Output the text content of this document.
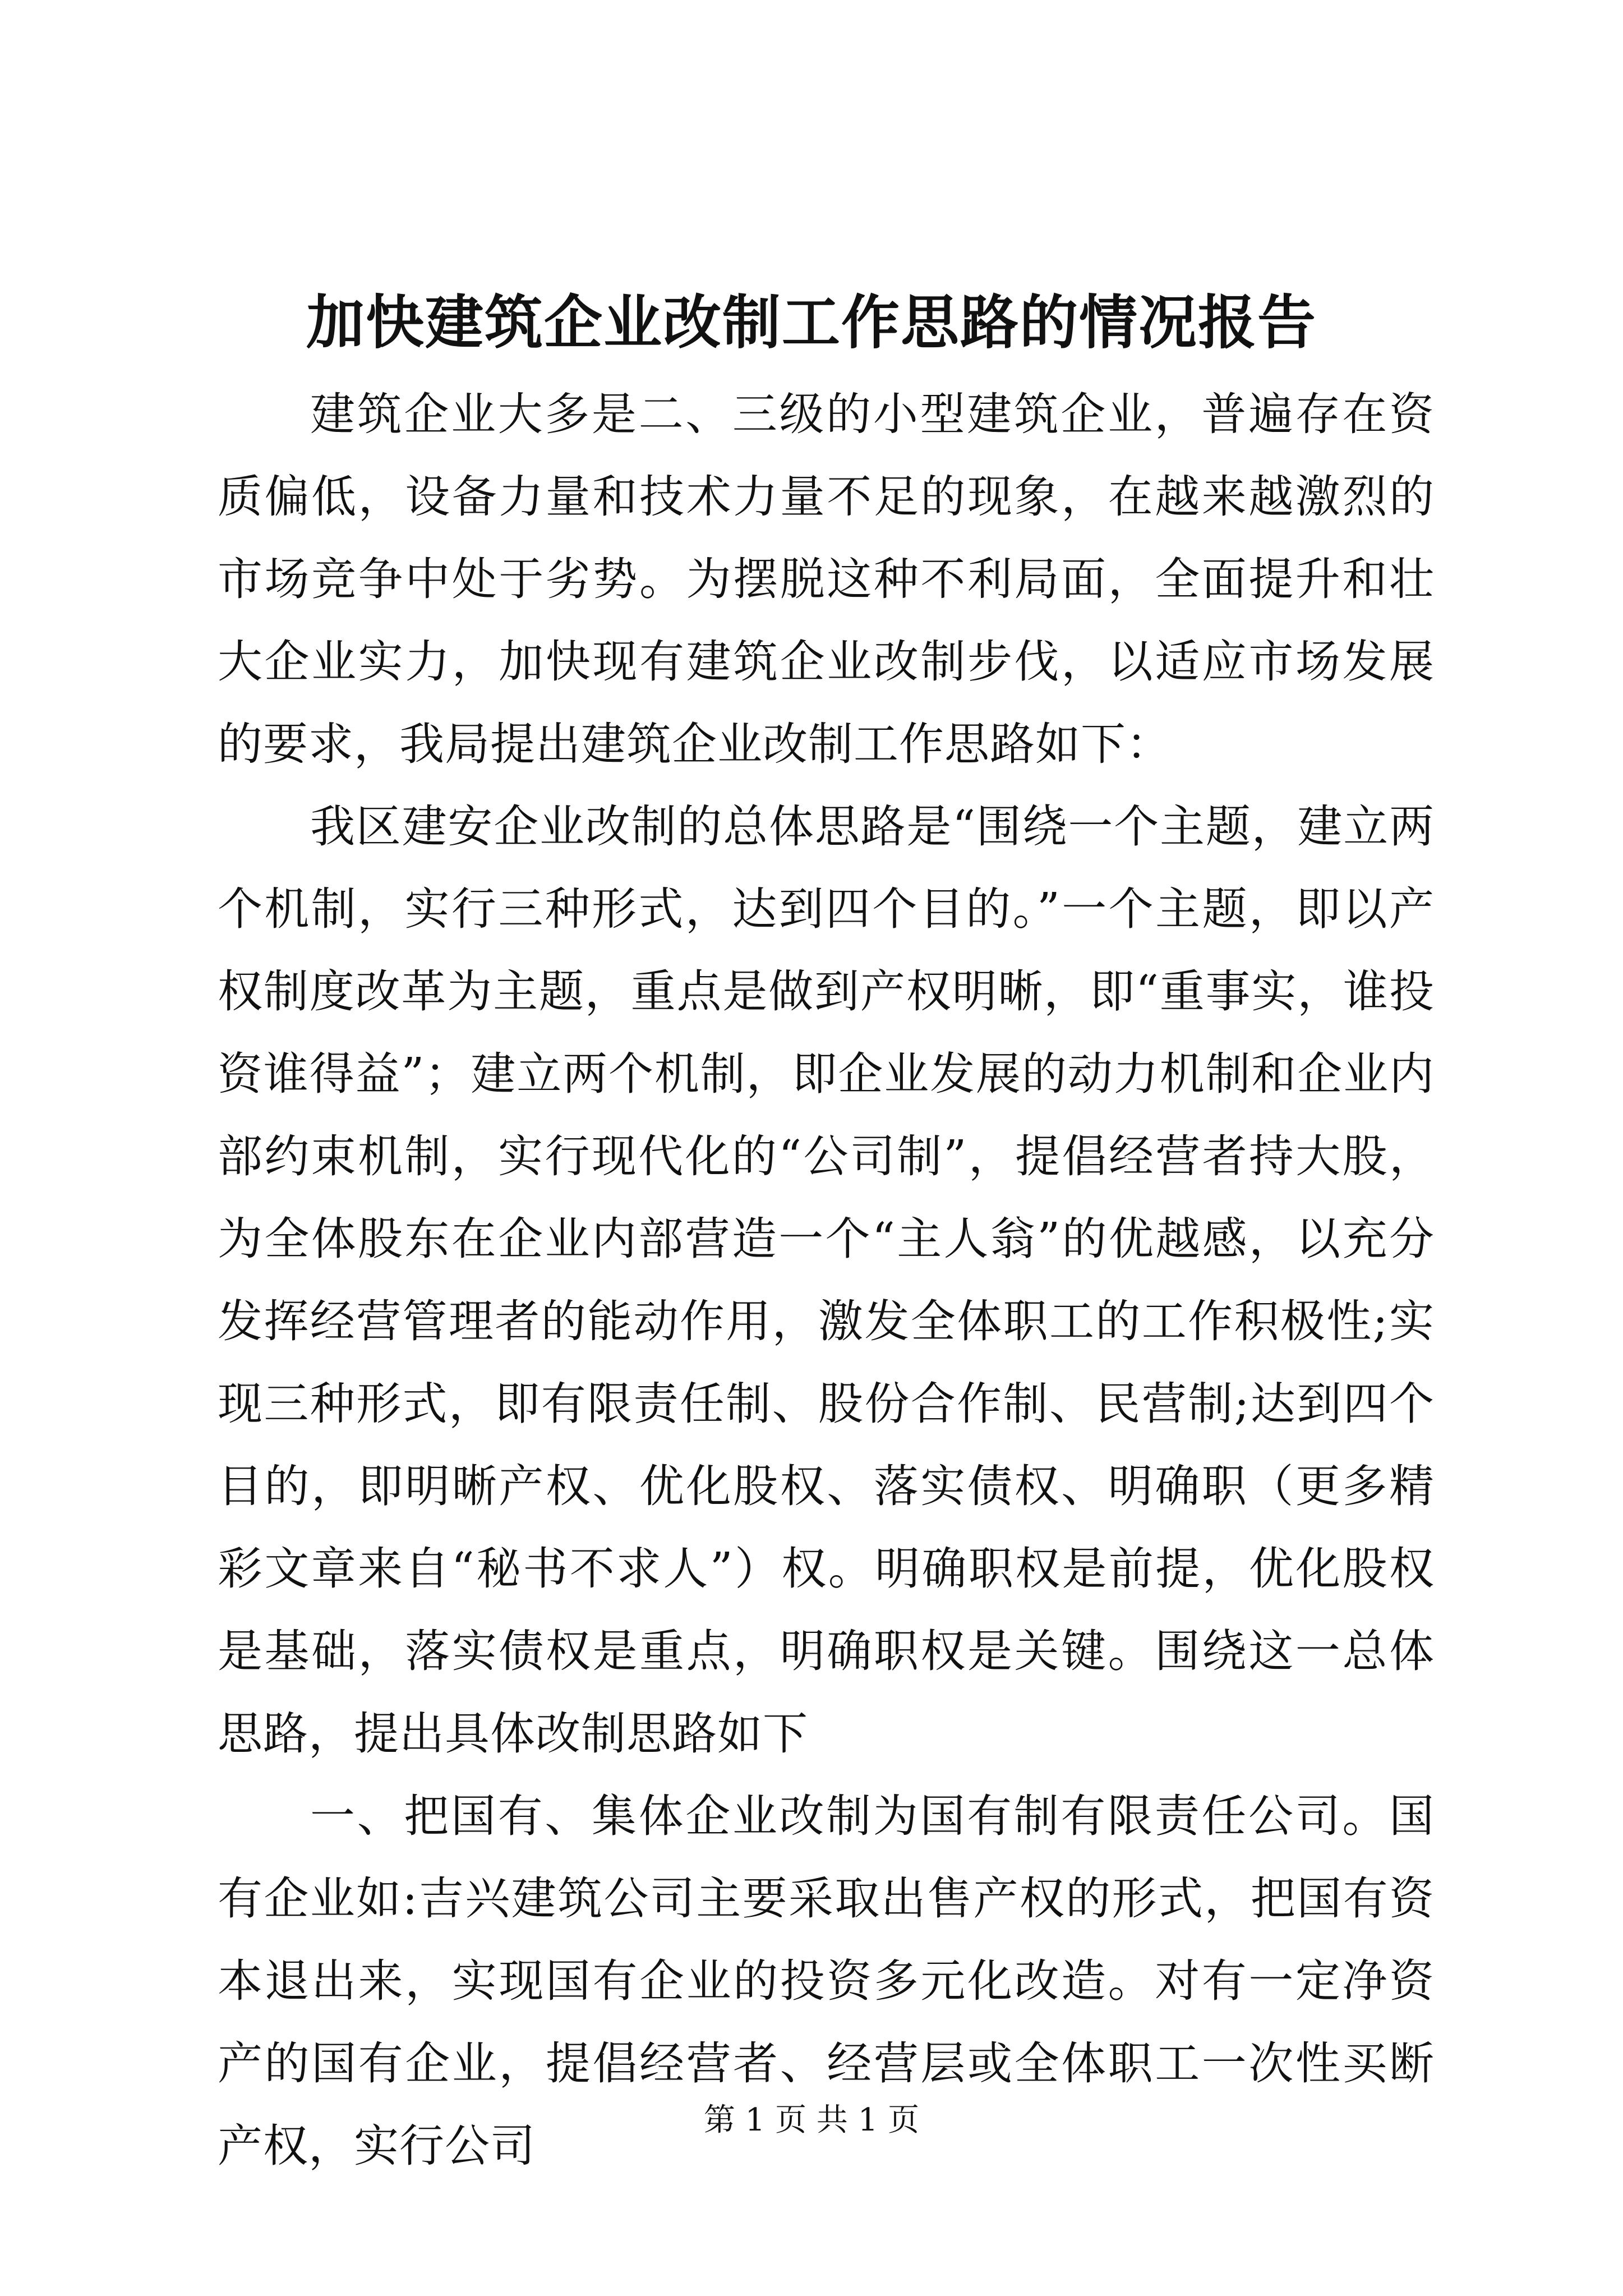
加快建筑企业改制工作思路的情况报告

建筑企业大多是二、三级的小型建筑企业，普遍存在资质偏低，设备力量和技术力量不足的现象，在越来越激烈的市场竞争中处于劣势。为摆脱这种不利局面，全面提升和壮大企业实力，加快现有建筑企业改制步伐，以适应市场发展的要求，我局提出建筑企业改制工作思路如下：

我区建安企业改制的总体思路是“围绕一个主题，建立两个机制，实行三种形式，达到四个目的。”一个主题，即以产权制度改革为主题，重点是做到产权明晰，即“重事实，谁投资谁得益”；建立两个机制，即企业发展的动力机制和企业内部约束机制，实行现代化的“公司制”，提倡经营者持大股，为全体股东在企业内部营造一个“主人翁”的优越感，以充分发挥经营管理者的能动作用，激发全体职工的工作积极性;实现三种形式，即有限责任制、股份合作制、民营制;达到四个目的，即明晰产权、优化股权、落实债权、明确职（更多精彩文章来自“秘书不求人”）权。明确职权是前提，优化股权是基础，落实债权是重点，明确职权是关键。围绕这一总体思路，提出具体改制思路如下

一、把国有、集体企业改制为国有制有限责任公司。国有企业如:吉兴建筑公司主要采取出售产权的形式，把国有资本退出来，实现国有企业的投资多元化改造。对有一定净资产的国有企业，提倡经营者、经营层或全体职工一次性买断产权，实行公司	第 1 页 共 1 页
